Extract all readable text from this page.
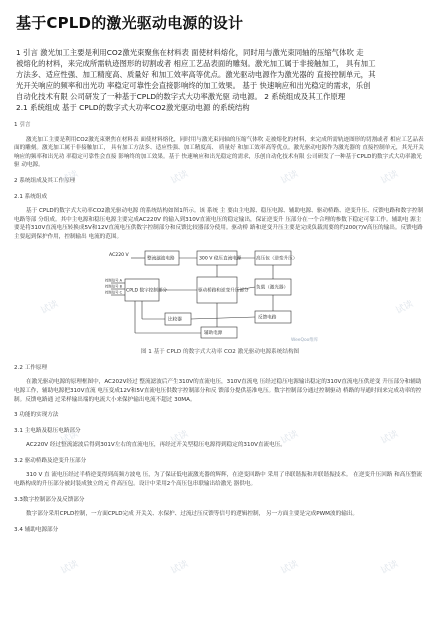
基于CPLD的激光驱动电源的设计

1 引言 激光加工主要是利用CO2激光束聚焦在材料表 面使材料熔化，同时用与激光束同轴的压缩气体吹 走

被熔化的材料，来完成所需轨迹图形的切割或者 相应工艺品表面的雕刻。激光加工属于非接触加工， 具有加工

方法多、适应性强、加工精度高、质量好 和加工效率高等优点。激光驱动电源作为激光器的 直接控制单元，其

光开关响应的频率和出光功 率稳定可靠性会直接影响终的加工效果。 基于 快速响应和出光稳定的需求，乐创

自动化技术有限 公司研发了一种基于CPLD的数字式大功率激光驱 动电源。 2 系统组成及其工作原理

2.1 系统组成 基于 CPLD的数字式大功率CO2激光驱动电源 的系统结构

1 引言

激光加工主要是利用CO2激光束聚焦在材料表 面使材料熔化，同时用与激光束同轴的压缩气体吹 走被熔化的材料，来完成所需轨迹图形的切割或者 相应工艺品表面的雕刻。激光加工属于非接触加工， 具有加工方法多、适应性强、加工精度高、 质量好 和加工效率高等优点。激光驱动电源作为激光器的 直接控制单元，其光开关响应的频率和出光功 率稳定可靠性会直接 影响终的加工效果。基于 快速响应和出光稳定的需求，乐创自动化技术有限 公司研发了一种基于CPLD的数字式大功率激光 驱 动电源。

2 系统组成及其工作原理

2.1 系统组成

基于 CPLD的数字式大功率CO2激光驱动电源 的系统结构如图1所示。该 系统 主 要由主电源、稳压电源、辅助电源、驱动桥路、逆变升压、反馈电路和数字控制电路等部 分组成。其中主电源和稳压电源主要完成AC220V 的输入到310V直流电压的稳定输出，保证逆变升 压部分在一个合理的参数下稳定可靠工作。辅助电 源主要是将310V直流电压转换成5V和12V直流电压供数字控制部分和反馈比较器部分使用。驱动桥 路和逆变升压主要是完成负载需要的约200(?)V高压的输出。反馈电路主要起到保护作用，控制输出 电流的范围。

AC220 V
整流滤波电路	300 V 稳压直流电源	高压包（逆变升压）
CPLD 数字控制部分	驱动桥路和逆变升压部分
负载（激光器）
比较器	反馈电路
辅助电源
控制信号 A
控制信号 B
控制信号 C
WeeQoo维库
图 1 基于 CPLD 的数字式大功率 CO2 激光驱动电源系统结构图

2.2 工作原理

在激光驱动电源的原理框图中，AC202V经过 整流滤波后产生310V的直流电压，310V直流电 压经过稳压电源输出稳定的310V直流电压供逆变 升压部分和辅助电源工作，辅助电源把310V直流 电压变成12V和5V直流电压供数字控制部分和反 馈部分提供基准电压。数字控制部分通过控制驱动 桥路的导通时间来完成功率的控制。反馈电路通 过采样输出端的电流大小来保护输出电流不超过 30MA。

3 功能的实现方法

3.1 主电路及稳压电路部分

AC220V 经过整流滤波后得到301V左右的直流电压，再经过开关型稳压电源得到稳定的310V直流电压。

3.2 驱动桥路及逆变升压部分

310 V 直 流电压经过半桥逆变得到高频方波电 压，为了保证低电流激光器的辉辉，在逆变回路中 采用了串联谐振和并联谐振技术。 在逆变升压回路 和高压整流电路构成的升压部分被封装成独立的元 件高压包。设计中采用2个高压包串联输出给激光 器供电。

3.3数字控制部分及反馈部分

数字部分采用CPLD控制，一方面CPLD完成 开关关、水保护、过流过压反馈等信号的逻辑控制， 另一方面主要是完成PWM波的输出。

3.4 辅助电源部分

试读	试读	试读	试读
试读	试读
试读	试读	试读	试读
试读	试读	试读	试读
